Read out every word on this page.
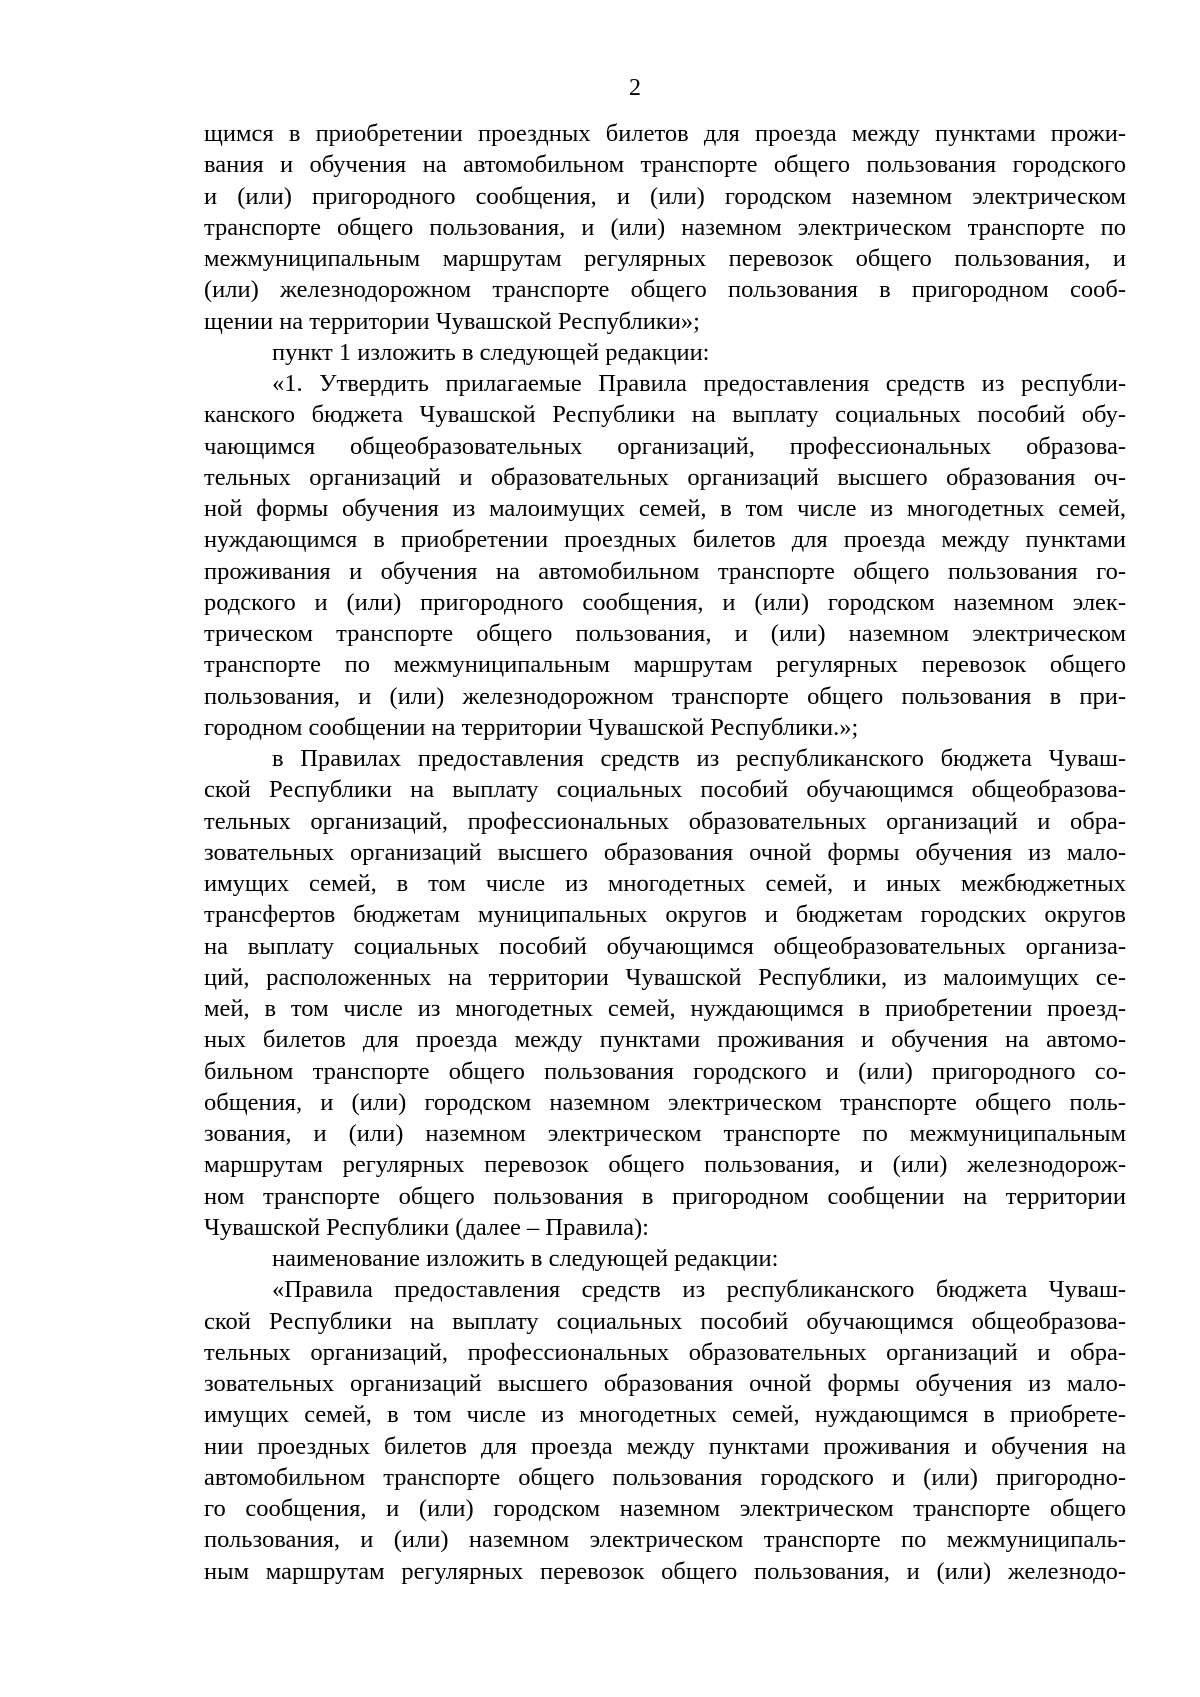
2
щимся в приобретении проездных билетов для проезда между пунктами прожи-
вания и обучения на автомобильном транспорте общего пользования городского
и (или) пригородного сообщения, и (или) городском наземном электрическом
транспорте общего пользования, и (или) наземном электрическом транспорте по
межмуниципальным маршрутам регулярных перевозок общего пользования, и
(или) железнодорожном транспорте общего пользования в пригородном сооб-
щении на территории Чувашской Республики»;
пункт 1 изложить в следующей редакции:
«1. Утвердить прилагаемые Правила предоставления средств из республи-
канского бюджета Чувашской Республики на выплату социальных пособий обу-
чающимся общеобразовательных организаций, профессиональных образова-
тельных организаций и образовательных организаций высшего образования оч-
ной формы обучения из малоимущих семей, в том числе из многодетных семей,
нуждающимся в приобретении проездных билетов для проезда между пунктами
проживания и обучения на автомобильном транспорте общего пользования го-
родского и (или) пригородного сообщения, и (или) городском наземном элек-
трическом транспорте общего пользования, и (или) наземном электрическом
транспорте по межмуниципальным маршрутам регулярных перевозок общего
пользования, и (или) железнодорожном транспорте общего пользования в при-
городном сообщении на территории Чувашской Республики.»;
в Правилах предоставления средств из республиканского бюджета Чуваш-
ской Республики на выплату социальных пособий обучающимся общеобразова-
тельных организаций, профессиональных образовательных организаций и обра-
зовательных организаций высшего образования очной формы обучения из мало-
имущих семей, в том числе из многодетных семей, и иных межбюджетных
трансфертов бюджетам муниципальных округов и бюджетам городских округов
на выплату социальных пособий обучающимся общеобразовательных организа-
ций, расположенных на территории Чувашской Республики, из малоимущих се-
мей, в том числе из многодетных семей, нуждающимся в приобретении проезд-
ных билетов для проезда между пунктами проживания и обучения на автомо-
бильном транспорте общего пользования городского и (или) пригородного со-
общения, и (или) городском наземном электрическом транспорте общего поль-
зования, и (или) наземном электрическом транспорте по межмуниципальным
маршрутам регулярных перевозок общего пользования, и (или) железнодорож-
ном транспорте общего пользования в пригородном сообщении на территории
Чувашской Республики (далее – Правила):
наименование изложить в следующей редакции:
«Правила предоставления средств из республиканского бюджета Чуваш-
ской Республики на выплату социальных пособий обучающимся общеобразова-
тельных организаций, профессиональных образовательных организаций и обра-
зовательных организаций высшего образования очной формы обучения из мало-
имущих семей, в том числе из многодетных семей, нуждающимся в приобрете-
нии проездных билетов для проезда между пунктами проживания и обучения на
автомобильном транспорте общего пользования городского и (или) пригородно-
го сообщения, и (или) городском наземном электрическом транспорте общего
пользования, и (или) наземном электрическом транспорте по межмуниципаль-
ным маршрутам регулярных перевозок общего пользования, и (или) железнодо-
